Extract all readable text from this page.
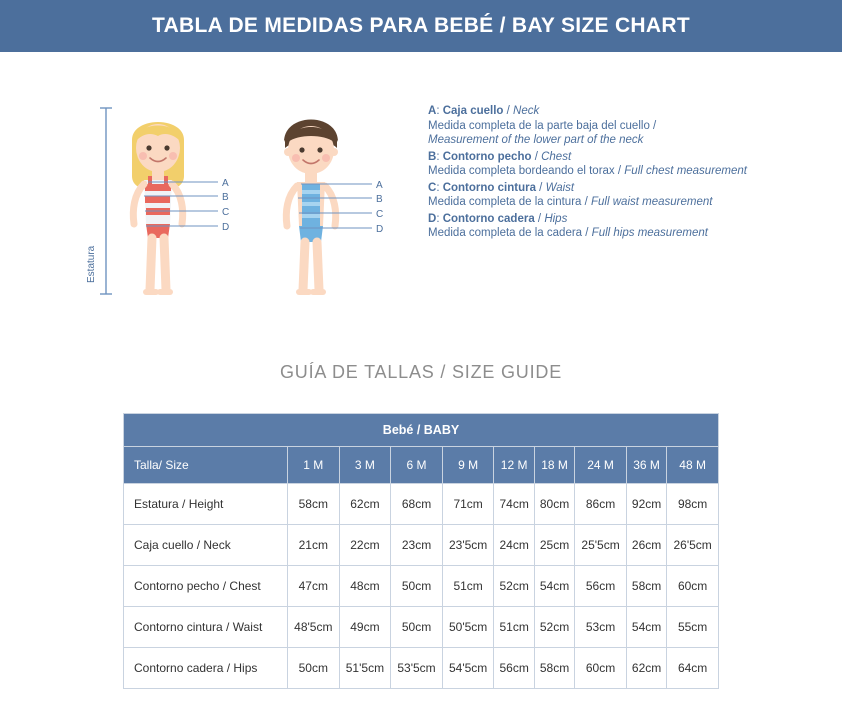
TABLA DE MEDIDAS PARA BEBÉ / BAY SIZE CHART
Estatura
A
B
C
D
A
B
C
D

A: Caja cuello / Neck

Medida completa de la parte baja del cuello /

Measurement of the lower part of the neck

B: Contorno pecho / Chest

Medida completa bordeando el torax / Full chest measurement

C: Contorno cintura / Waist

Medida completa de la cintura / Full waist measurement

D: Contorno cadera / Hips

Medida completa de la cadera / Full hips measurement

GUÍA DE TALLAS / SIZE GUIDE
Bebé / BABY									
Talla/ Size	1 M	3 M	6 M	9 M	12 M	18 M	24 M	36 M	48 M
Estatura / Height	58cm	62cm	68cm	71cm	74cm	80cm	86cm	92cm	98cm
Caja cuello / Neck	21cm	22cm	23cm	23'5cm	24cm	25cm	25'5cm	26cm	26'5cm
Contorno pecho / Chest	47cm	48cm	50cm	51cm	52cm	54cm	56cm	58cm	60cm
Contorno cintura / Waist	48'5cm	49cm	50cm	50'5cm	51cm	52cm	53cm	54cm	55cm
Contorno cadera / Hips	50cm	51'5cm	53'5cm	54'5cm	56cm	58cm	60cm	62cm	64cm
